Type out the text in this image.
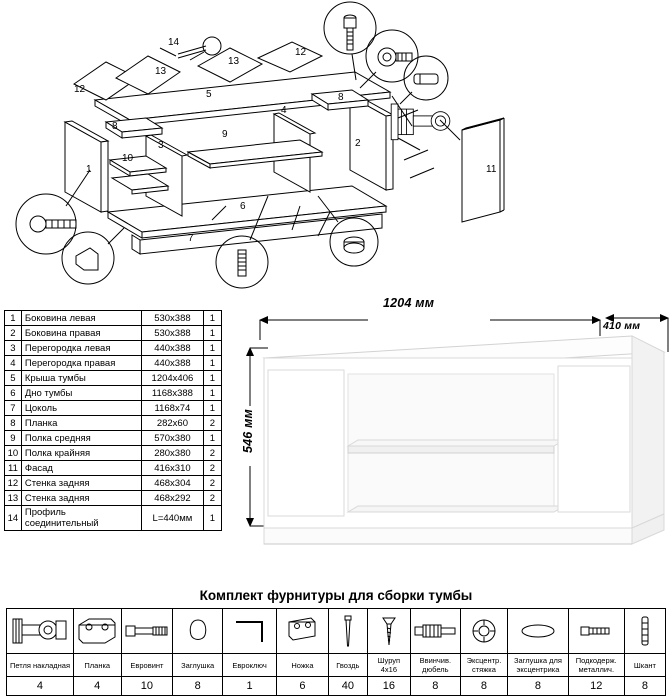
1
2
3
4
5
6
7
8
8
9
10
11
12
12
13
13
14
1	Боковина левая	530x388	1
2	Боковина правая	530x388	1
3	Перегородка левая	440x388	1
4	Перегородка правая	440x388	1
5	Крыша тумбы	1204x406	1
6	Дно тумбы	1168x388	1
7	Цоколь	1168x74	1
8	Планка	282x60	2
9	Полка средняя	570x380	1
10	Полка крайняя	280x380	2
11	Фасад	416x310	2
12	Стенка задняя	468x304	2
13	Стенка задняя	468x292	2
14	Профиль соединительный	L=440мм	1
1204 мм
410 мм
546 мм
Комплект фурнитуры для сборки тумбы

Петля накладная	Планка	Евровинт	Заглушка	Евроключ	Ножка	Гвоздь	Шуруп 4х16	Ввинчив. дюбель	Эксцентр. стяжка	Заглушка для эксцентрика	Подкодерж. металлич.	Шкант
4	4	10	8	1	6	40	16	8	8	8	12	8
